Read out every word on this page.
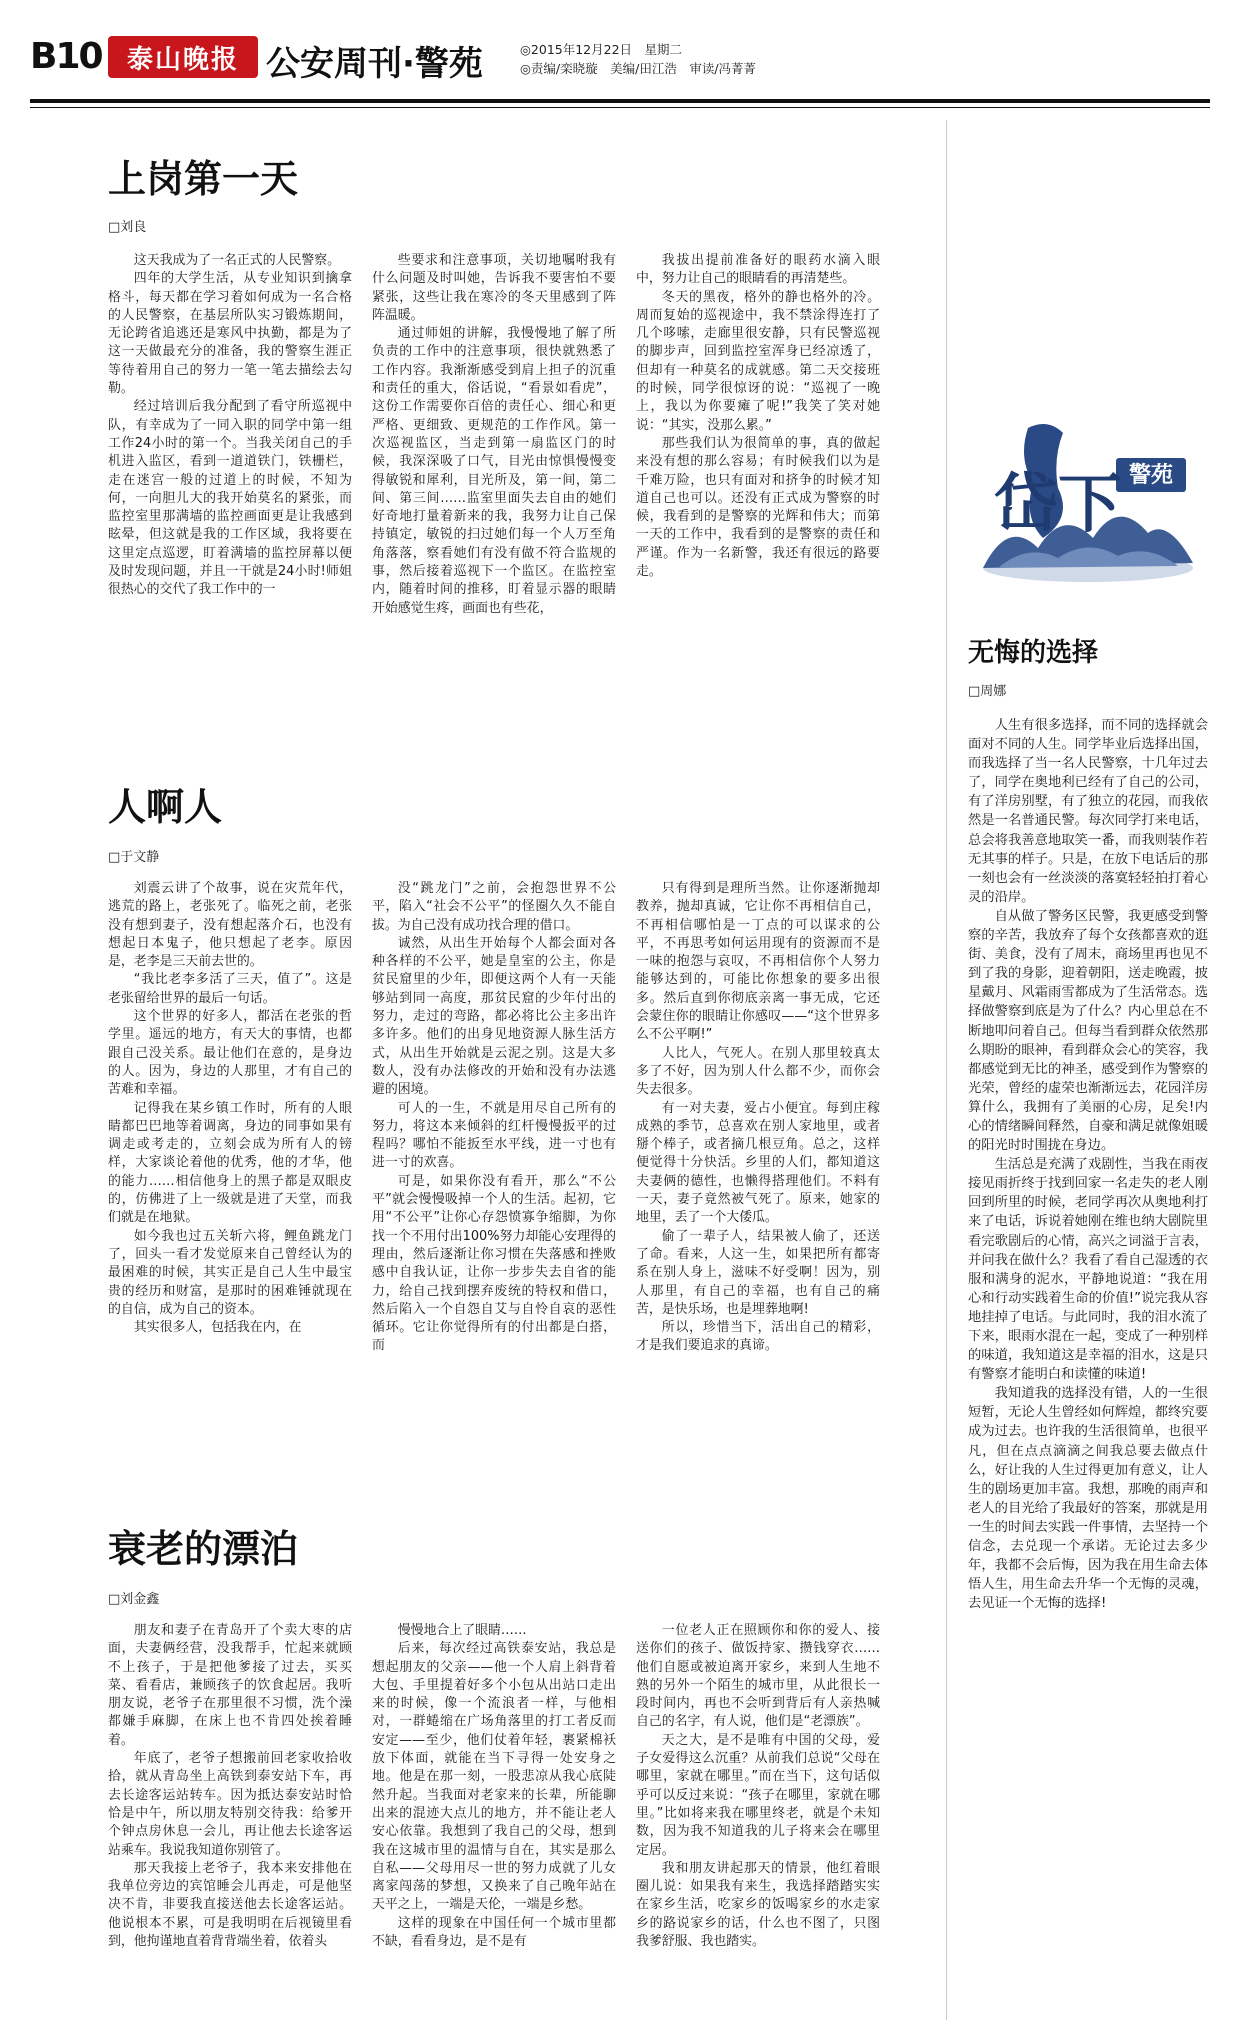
B10 泰山晚报 公安周刊·警苑	◎2015年12月22日　星期二
◎责编/栾晓璇　美编/田江浩　审读/冯菁菁
上岗第一天
□刘良

这天我成为了一名正式的人民警察。

四年的大学生活，从专业知识到擒拿格斗，每天都在学习着如何成为一名合格的人民警察，在基层所队实习锻炼期间，无论跨省追逃还是寒风中执勤，都是为了这一天做最充分的准备，我的警察生涯正等待着用自己的努力一笔一笔去描绘去勾勒。

经过培训后我分配到了看守所巡视中队，有幸成为了一同入职的同学中第一组工作24小时的第一个。当我关闭自己的手机进入监区，看到一道道铁门，铁栅栏，走在迷宫一般的过道上的时候，不知为何，一向胆儿大的我开始莫名的紧张，而监控室里那满墙的监控画面更是让我感到眩晕，但这就是我的工作区域，我将要在这里定点巡逻，盯着满墙的监控屏幕以便及时发现问题，并且一干就是24小时!师姐很热心的交代了我工作中的一

些要求和注意事项，关切地嘱咐我有什么问题及时叫她，告诉我不要害怕不要紧张，这些让我在寒冷的冬天里感到了阵阵温暖。

通过师姐的讲解，我慢慢地了解了所负责的工作中的注意事项，很快就熟悉了工作内容。我渐渐感受到肩上担子的沉重和责任的重大，俗话说，“看景如看虎”，这份工作需要你百倍的责任心、细心和更严格、更细致、更规范的工作作风。第一次巡视监区，当走到第一扇监区门的时候，我深深吸了口气，目光由惊惧慢慢变得敏锐和犀利，目光所及，第一间，第二间、第三间……监室里面失去自由的她们好奇地打量着新来的我，我努力让自己保持镇定，敏锐的扫过她们每一个人万至角角落落，察看她们有没有做不符合监规的事，然后接着巡视下一个监区。在监控室内，随着时间的推移，盯着显示器的眼睛开始感觉生疼，画面也有些花，

我拔出提前准备好的眼药水滴入眼中，努力让自己的眼睛看的再清楚些。

冬天的黑夜，格外的静也格外的冷。周而复始的巡视途中，我不禁涂得连打了几个哆嗦，走廊里很安静，只有民警巡视的脚步声，回到监控室浑身已经凉透了，但却有一种莫名的成就感。第二天交接班的时候，同学很惊讶的说：“巡视了一晚上，我以为你要瘫了呢!”我笑了笑对她说：“其实，没那么累。”

那些我们认为很简单的事，真的做起来没有想的那么容易；有时候我们以为是千难万险，也只有面对和挤争的时候才知道自己也可以。还没有正式成为警察的时候，我看到的是警察的光辉和伟大；而第一天的工作中，我看到的是警察的责任和严谨。作为一名新警，我还有很远的路要走。

人啊人
□于文静

刘震云讲了个故事，说在灾荒年代，逃荒的路上，老张死了。临死之前，老张没有想到妻子，没有想起落介石，也没有想起日本鬼子，他只想起了老李。原因是，老李是三天前去世的。

“我比老李多活了三天，值了”。这是老张留给世界的最后一句话。

这个世界的好多人，都活在老张的哲学里。遥远的地方，有天大的事情，也都跟自己没关系。最让他们在意的，是身边的人。因为，身边的人那里，才有自己的苦难和幸福。

记得我在某乡镇工作时，所有的人眼睛都巴巴地等着调离，身边的同事如果有调走或考走的，立刻会成为所有人的镑样，大家谈论着他的优秀，他的才华，他的能力……相信他身上的黑子都是双眼皮的，仿佛进了上一级就是进了天堂，而我们就是在地狱。

如今我也过五关斩六将，鲤鱼跳龙门了，回头一看才发觉原来自己曾经认为的最困难的时候，其实正是自己人生中最宝贵的经历和财富，是那时的困难锤就现在的自信，成为自己的资本。

其实很多人，包括我在内，在

没“跳龙门”之前，会抱怨世界不公平，陷入“社会不公平”的怪圈久久不能自拔。为自己没有成功找合理的借口。

诚然，从出生开始每个人都会面对各种各样的不公平，她是皇室的公主，你是贫民窟里的少年，即便这两个人有一天能够站到同一高度，那贫民窟的少年付出的努力，走过的弯路，都必将比公主多出许多许多。他们的出身见地资源人脉生活方式，从出生开始就是云泥之别。这是大多数人，没有办法修改的开始和没有办法逃避的困境。

可人的一生，不就是用尽自己所有的努力，将这本来倾斜的红杆慢慢扳平的过程吗？哪怕不能扳至水平线，进一寸也有进一寸的欢喜。

可是，如果你没有看开，那么“不公平”就会慢慢吸掉一个人的生活。起初，它用“不公平”让你心存怨愤寡争缩脚，为你找一个不用付出100%努力却能心安理得的理由，然后逐渐让你习惯在失落感和挫败感中自我认证，让你一步步失去自省的能力，给自己找到摆弃废统的特权和借口，然后陷入一个自怨自艾与自怜自哀的恶性循环。它让你觉得所有的付出都是白搭，而

只有得到是理所当然。让你逐渐抛却教养，抛却真诚，它让你不再相信自己，不再相信哪怕是一丁点的可以谋求的公平，不再思考如何运用现有的资源而不是一味的抱怨与哀叹，不再相信你个人努力能够达到的，可能比你想象的要多出很多。然后直到你彻底亲离一事无成，它还会蒙住你的眼睛让你感叹——“这个世界多么不公平啊!”

人比人，气死人。在别人那里较真太多了不好，因为别人什么都不少，而你会失去很多。

有一对夫妻，爱占小便宜。每到庄稼成熟的季节，总喜欢在别人家地里，或者掰个棒子，或者摘几根豆角。总之，这样便觉得十分快活。乡里的人们，都知道这夫妻俩的德性，也懒得搭理他们。不料有一天，妻子竟然被气死了。原来，她家的地里，丢了一个大倭瓜。

偷了一辈子人，结果被人偷了，还送了命。看来，人这一生，如果把所有都寄系在别人身上，滋味不好受啊！因为，别人那里，有自己的幸福，也有自己的痛苦，是快乐场，也是埋葬地啊!

所以，珍惜当下，活出自己的精彩，才是我们要追求的真谛。

衰老的漂泊
□刘金鑫

朋友和妻子在青岛开了个卖大枣的店面，夫妻俩经营，没我帮手，忙起来就顾不上孩子，于是把他爹接了过去，买买菜、看看店，兼顾孩子的饮食起居。我听朋友说，老爷子在那里很不习惯，洗个澡都嫌手麻脚，在床上也不肯四处挨着睡着。

年底了，老爷子想搬前回老家收拾收拾，就从青岛坐上高铁到泰安站下车，再去长途客运站转车。因为抵达泰安站时恰恰是中午，所以朋友特别交待我：给爹开个钟点房休息一会儿，再让他去长途客运站乘车。我说我知道你别管了。

那天我接上老爷子，我本来安排他在我单位旁边的宾馆睡会儿再走，可是他坚决不肯，非要我直接送他去长途客运站。他说根本不累，可是我明明在后视镜里看到，他拘谨地直着背背端坐着，依着头

慢慢地合上了眼睛……

后来，每次经过高铁泰安站，我总是想起朋友的父亲——他一个人肩上斜背着大包、手里提着好多个小包从出站口走出来的时候，像一个流浪者一样，与他相对，一群蜷缩在广场角落里的打工者反而安定——至少，他们仗着年轻，裹紧棉袄放下体面，就能在当下寻得一处安身之地。他是在那一刻，一股悲凉从我心底陡然升起。当我面对老家来的长辈，所能聊出来的混迹大点儿的地方，并不能让老人安心依靠。我想到了我自己的父母，想到我在这城市里的温情与自在，其实是那么自私——父母用尽一世的努力成就了儿女离家闯荡的梦想，又换来了自己晚年站在天平之上，一端是天伦，一端是乡愁。

这样的现象在中国任何一个城市里都不缺，看看身边，是不是有

一位老人正在照顾你和你的爱人、接送你们的孩子、做饭持家、攒钱穿衣……他们自愿或被迫离开家乡，来到人生地不熟的另外一个陌生的城市里，从此很长一段时间内，再也不会听到背后有人亲热喊自己的名字，有人说，他们是“老漂族”。

天之大，是不是唯有中国的父母，爱子女爱得这么沉重？从前我们总说“父母在哪里，家就在哪里。”而在当下，这句话似乎可以反过来说：“孩子在哪里，家就在哪里。”比如将来我在哪里终老，就是个未知数，因为我不知道我的儿子将来会在哪里定居。

我和朋友讲起那天的情景，他红着眼圈儿说：如果我有来生，我选择踏踏实实在家乡生活，吃家乡的饭喝家乡的水走家乡的路说家乡的话，什么也不图了，只图我爹舒服、我也踏实。

警苑
岱下
无悔的选择
□周娜

人生有很多选择，而不同的选择就会面对不同的人生。同学毕业后选择出国，而我选择了当一名人民警察，十几年过去了，同学在奥地利已经有了自己的公司，有了洋房别墅，有了独立的花园，而我依然是一名普通民警。每次同学打来电话，总会将我善意地取笑一番，而我则装作若无其事的样子。只是，在放下电话后的那一刻也会有一丝淡淡的落寞轻轻拍打着心灵的沿岸。

自从做了警务区民警，我更感受到警察的辛苦，我放弃了每个女孩都喜欢的逛街、美食，没有了周末，商场里再也见不到了我的身影，迎着朝阳，送走晚霞，披星戴月、风霜雨雪都成为了生活常态。选择做警察到底是为了什么？内心里总在不断地叩问着自己。但每当看到群众依然那么期盼的眼神，看到群众会心的笑容，我都感觉到无比的神圣，感受到作为警察的光荣，曾经的虚荣也渐渐远去，花园洋房算什么，我拥有了美丽的心房，足矣!内心的情绪瞬间释然，自豪和满足就像姐暖的阳光时时围拢在身边。

生活总是充满了戏剧性，当我在雨夜接见雨折终于找到回家一名走失的老人刚回到所里的时候，老同学再次从奥地利打来了电话，诉说着她刚在维也纳大剧院里看完歌剧后的心情，高兴之词溢于言表，并问我在做什么？我看了看自己湿透的衣服和满身的泥水，平静地说道：“我在用心和行动实践着生命的价值!”说完我从容地挂掉了电话。与此同时，我的泪水流了下来，眼雨水混在一起，变成了一种别样的味道，我知道这是幸福的泪水，这是只有警察才能明白和读懂的味道!

我知道我的选择没有错，人的一生很短暂，无论人生曾经如何辉煌，都终究要成为过去。也许我的生活很简单，也很平凡，但在点点滴滴之间我总要去做点什么，好让我的人生过得更加有意义，让人生的剧场更加丰富。我想，那晚的雨声和老人的目光给了我最好的答案，那就是用一生的时间去实践一件事情，去坚持一个信念，去兑现一个承诺。无论过去多少年，我都不会后悔，因为我在用生命去体悟人生，用生命去升华一个无悔的灵魂，去见证一个无悔的选择!
